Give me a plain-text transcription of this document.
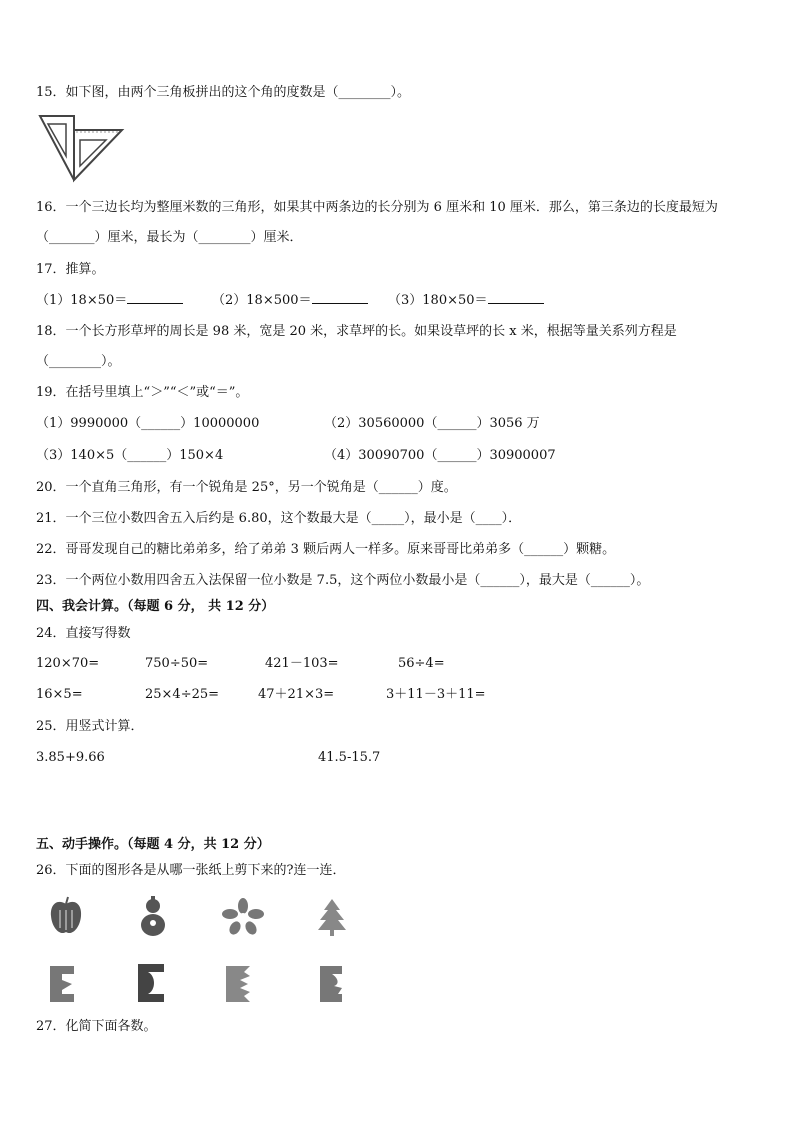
15．如下图，由两个三角板拼出的这个角的度数是（________）。
16．一个三边长均为整厘米数的三角形，如果其中两条边的长分别为 6 厘米和 10 厘米．那么，第三条边的长度最短为
（_______）厘米，最长为（________）厘米．
17．推算。
（1）18×50＝	（2）18×500＝	（3）180×50＝
18．一个长方形草坪的周长是 98 米，宽是 20 米，求草坪的长。如果设草坪的长 x 米，根据等量关系列方程是
（________）。
19．在括号里填上“＞”“＜”或“＝”。
（1）9990000（______）10000000	（2）30560000（______）3056 万
（3）140×5（______）150×4	（4）30090700（______）30900007
20．一个直角三角形，有一个锐角是 25°，另一个锐角是（______）度。
21．一个三位小数四舍五入后约是 6.80，这个数最大是（_____），最小是（____）．
22．哥哥发现自己的糖比弟弟多，给了弟弟 3 颗后两人一样多。原来哥哥比弟弟多（______）颗糖。
23．一个两位小数用四舍五入法保留一位小数是 7.5，这个两位小数最小是（______），最大是（______）。
四、我会计算。（每题 6 分， 共 12 分）
24．直接写得数
120×70=	750÷50=	421－103=	56÷4=
16×5=	25×4÷25=	47＋21×3=	3＋11－3＋11=
25．用竖式计算．
3.85+9.66	41.5-15.7
五、动手操作。（每题 4 分，共 12 分）
26．下面的图形各是从哪一张纸上剪下来的?连一连．
27．化简下面各数。
